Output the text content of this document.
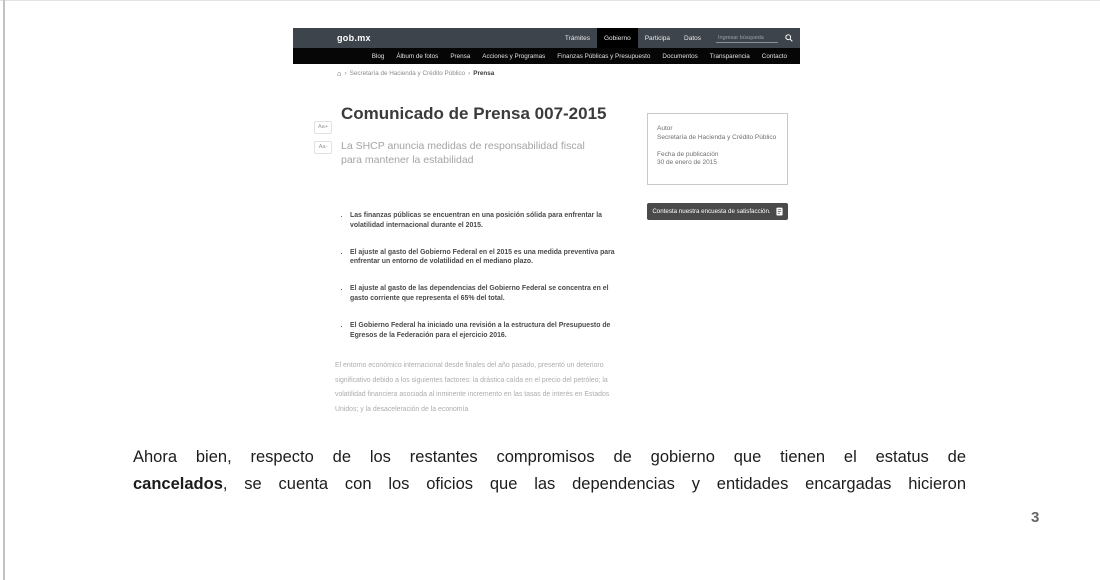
gob.mx	Trámites	Gobierno	Participa	Datos
Ingresar búsqueda
Blog	Álbum de fotos	Prensa	Acciones y Programas	Finanzas Públicas y Presupuesto	Documentos	Transparencia	Contacto
⌂ › Secretaría de Hacienda y Crédito Público › Prensa
Comunicado de Prensa 007-2015
Aa+
Aa-	La SHCP anuncia medidas de responsabilidad fiscal para mantener la estabilidad
• Las finanzas públicas se encuentran en una posición sólida para enfrentar la volatilidad internacional durante el 2015.
• El ajuste al gasto del Gobierno Federal en el 2015 es una medida preventiva para enfrentar un entorno de volatilidad en el mediano plazo.
• El ajuste al gasto de las dependencias del Gobierno Federal se concentra en el gasto corriente que representa el 65% del total.
• El Gobierno Federal ha iniciado una revisión a la estructura del Presupuesto de Egresos de la Federación para el ejercicio 2016.
El entorno económico internacional desde finales del año pasado, presentó un deterioro significativo debido a los siguientes factores: la drástica caída en el precio del petróleo; la volatilidad financiera asociada al inminente incremento en las tasas de interés en Estados Unidos; y la desaceleración de la economía
Autor
Secretaría de Hacienda y Crédito Público
Fecha de publicación
30 de enero de 2015
Contesta nuestra encuesta de satisfacción.
Ahora bien, respecto de los restantes compromisos de gobierno que tienen el estatus de
cancelados, se cuenta con los oficios que las dependencias y entidades encargadas hicieron
3
